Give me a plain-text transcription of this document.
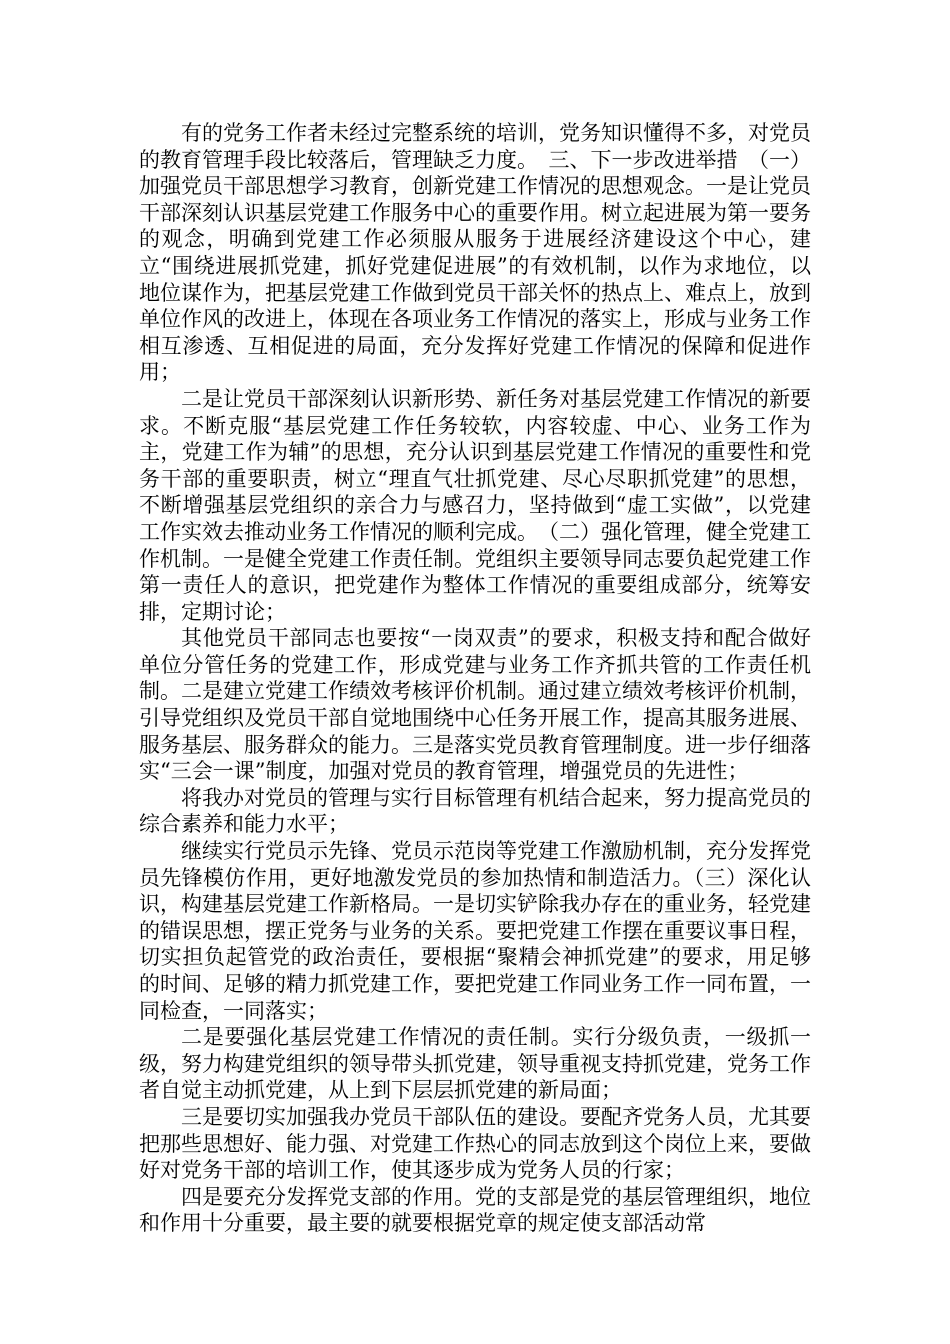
有的党务工作者未经过完整系统的培训，党务知识懂得不多，对党员的教育管理手段比较落后，管理缺乏力度。　三、下一步改进举措　（一）加强党员干部思想学习教育，创新党建工作情况的思想观念。一是让党员干部深刻认识基层党建工作服务中心的重要作用。树立起进展为第一要务的观念，明确到党建工作必须服从服务于进展经济建设这个中心，建立“围绕进展抓党建，抓好党建促进展”的有效机制，以作为求地位，以地位谋作为，把基层党建工作做到党员干部关怀的热点上、难点上，放到单位作风的改进上，体现在各项业务工作情况的落实上，形成与业务工作相互渗透、互相促进的局面，充分发挥好党建工作情况的保障和促进作用；

二是让党员干部深刻认识新形势、新任务对基层党建工作情况的新要求。不断克服“基层党建工作任务较软，内容较虚、中心、业务工作为主，党建工作为辅”的思想，充分认识到基层党建工作情况的重要性和党务干部的重要职责，树立“理直气壮抓党建、尽心尽职抓党建”的思想，不断增强基层党组织的亲合力与感召力，坚持做到“虚工实做”，以党建工作实效去推动业务工作情况的顺利完成。　（二）强化管理，健全党建工作机制。一是健全党建工作责任制。党组织主要领导同志要负起党建工作第一责任人的意识，把党建作为整体工作情况的重要组成部分，统筹安排，定期讨论；

其他党员干部同志也要按“一岗双责”的要求，积极支持和配合做好单位分管任务的党建工作，形成党建与业务工作齐抓共管的工作责任机制。二是建立党建工作绩效考核评价机制。通过建立绩效考核评价机制，引导党组织及党员干部自觉地围绕中心任务开展工作，提高其服务进展、服务基层、服务群众的能力。三是落实党员教育管理制度。进一步仔细落实“三会一课”制度，加强对党员的教育管理，增强党员的先进性；

将我办对党员的管理与实行目标管理有机结合起来，努力提高党员的综合素养和能力水平；

继续实行党员示先锋、党员示范岗等党建工作激励机制，充分发挥党员先锋模仿作用，更好地激发党员的参加热情和制造活力。（三）深化认识，构建基层党建工作新格局。一是切实铲除我办存在的重业务，轻党建的错误思想，摆正党务与业务的关系。要把党建工作摆在重要议事日程，切实担负起管党的政治责任，要根据“聚精会神抓党建”的要求，用足够的时间、足够的精力抓党建工作，要把党建工作同业务工作一同布置，一同检查，一同落实；

二是要强化基层党建工作情况的责任制。实行分级负责，一级抓一级，努力构建党组织的领导带头抓党建，领导重视支持抓党建，党务工作者自觉主动抓党建，从上到下层层抓党建的新局面；

三是要切实加强我办党员干部队伍的建设。要配齐党务人员，尤其要把那些思想好、能力强、对党建工作热心的同志放到这个岗位上来，要做好对党务干部的培训工作，使其逐步成为党务人员的行家；

四是要充分发挥党支部的作用。党的支部是党的基层管理组织，地位和作用十分重要，最主要的就要根据党章的规定使支部活动常
